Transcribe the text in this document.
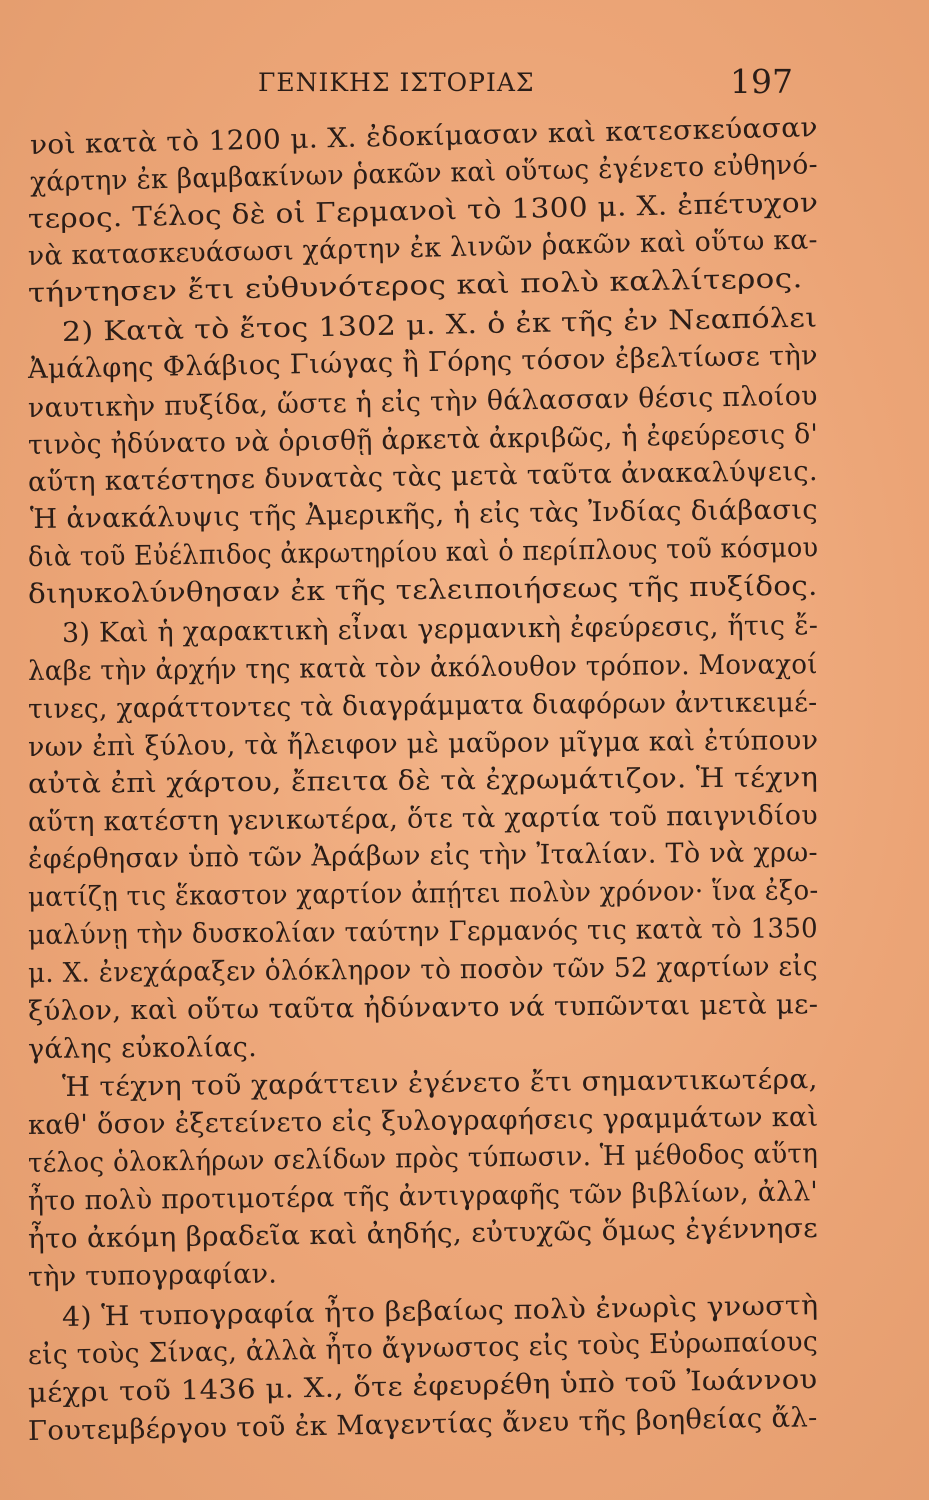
ΓΕΝΙΚΗΣ ΙΣΤΟΡΙΑΣ	197
νοὶ κατὰ τὸ 1200 μ. Χ. ἐδοκίμασαν καὶ κατεσκεύασαν
χάρτην ἐκ βαμβακίνων ῥακῶν καὶ οὕτως ἐγένετο εὐθηνό-
τερος. Τέλος δὲ οἱ Γερμανοὶ τὸ 1300 μ. Χ. ἐπέτυχον
νὰ κατασκευάσωσι χάρτην ἐκ λινῶν ῥακῶν καὶ οὕτω κα-
τήντησεν ἔτι εὐθυνότερος καὶ πολὺ καλλίτερος.
2) Κατὰ τὸ ἔτος 1302 μ. Χ. ὁ ἐκ τῆς ἐν Νεαπόλει
Ἀμάλφης Φλάβιος Γιώγας ἢ Γόρης τόσον ἐβελτίωσε τὴν
ναυτικὴν πυξίδα, ὥστε ἡ εἰς τὴν θάλασσαν θέσις πλοίου
τινὸς ἠδύνατο νὰ ὁρισθῇ ἀρκετὰ ἀκριβῶς, ἡ ἐφεύρεσις δ'
αὕτη κατέστησε δυνατὰς τὰς μετὰ ταῦτα ἀνακαλύψεις.
Ἡ ἀνακάλυψις τῆς Ἀμερικῆς, ἡ εἰς τὰς Ἰνδίας διάβασις
διὰ τοῦ Εὐέλπιδος ἀκρωτηρίου καὶ ὁ περίπλους τοῦ κόσμου
διηυκολύνθησαν ἐκ τῆς τελειποιήσεως τῆς πυξίδος.
3) Καὶ ἡ χαρακτικὴ εἶναι γερμανικὴ ἐφεύρεσις, ἥτις ἔ-
λαβε τὴν ἀρχήν της κατὰ τὸν ἀκόλουθον τρόπον. Μοναχοί
τινες, χαράττοντες τὰ διαγράμματα διαφόρων ἀντικειμέ-
νων ἐπὶ ξύλου, τὰ ἤλειφον μὲ μαῦρον μῖγμα καὶ ἐτύπουν
αὐτὰ ἐπὶ χάρτου, ἔπειτα δὲ τὰ ἐχρωμάτιζον. Ἡ τέχνη
αὕτη κατέστη γενικωτέρα, ὅτε τὰ χαρτία τοῦ παιγνιδίου
ἐφέρθησαν ὑπὸ τῶν Ἀράβων εἰς τὴν Ἰταλίαν. Τὸ νὰ χρω-
ματίζῃ τις ἕκαστον χαρτίον ἀπῄτει πολὺν χρόνον· ἵνα ἐξο-
μαλύνῃ τὴν δυσκολίαν ταύτην Γερμανός τις κατὰ τὸ 1350
μ. Χ. ἐνεχάραξεν ὁλόκληρον τὸ ποσὸν τῶν 52 χαρτίων εἰς
ξύλον, καὶ οὕτω ταῦτα ἠδύναντο νά τυπῶνται μετὰ με-
γάλης εὐκολίας.
Ἡ τέχνη τοῦ χαράττειν ἐγένετο ἔτι σημαντικωτέρα,
καθ' ὅσον ἐξετείνετο εἰς ξυλογραφήσεις γραμμάτων καὶ
τέλος ὁλοκλήρων σελίδων πρὸς τύπωσιν. Ἡ μέθοδος αὕτη
ἦτο πολὺ προτιμοτέρα τῆς ἀντιγραφῆς τῶν βιβλίων, ἀλλ'
ἦτο ἀκόμη βραδεῖα καὶ ἀηδής, εὐτυχῶς ὅμως ἐγέννησε
τὴν τυπογραφίαν.
4) Ἡ τυπογραφία ἦτο βεβαίως πολὺ ἐνωρὶς γνωστὴ
εἰς τοὺς Σίνας, ἀλλὰ ἦτο ἄγνωστος εἰς τοὺς Εὐρωπαίους
μέχρι τοῦ 1436 μ. Χ., ὅτε ἐφευρέθη ὑπὸ τοῦ Ἰωάννου
Γουτεμβέργου τοῦ ἐκ Μαγεντίας ἄνευ τῆς βοηθείας ἄλ-
